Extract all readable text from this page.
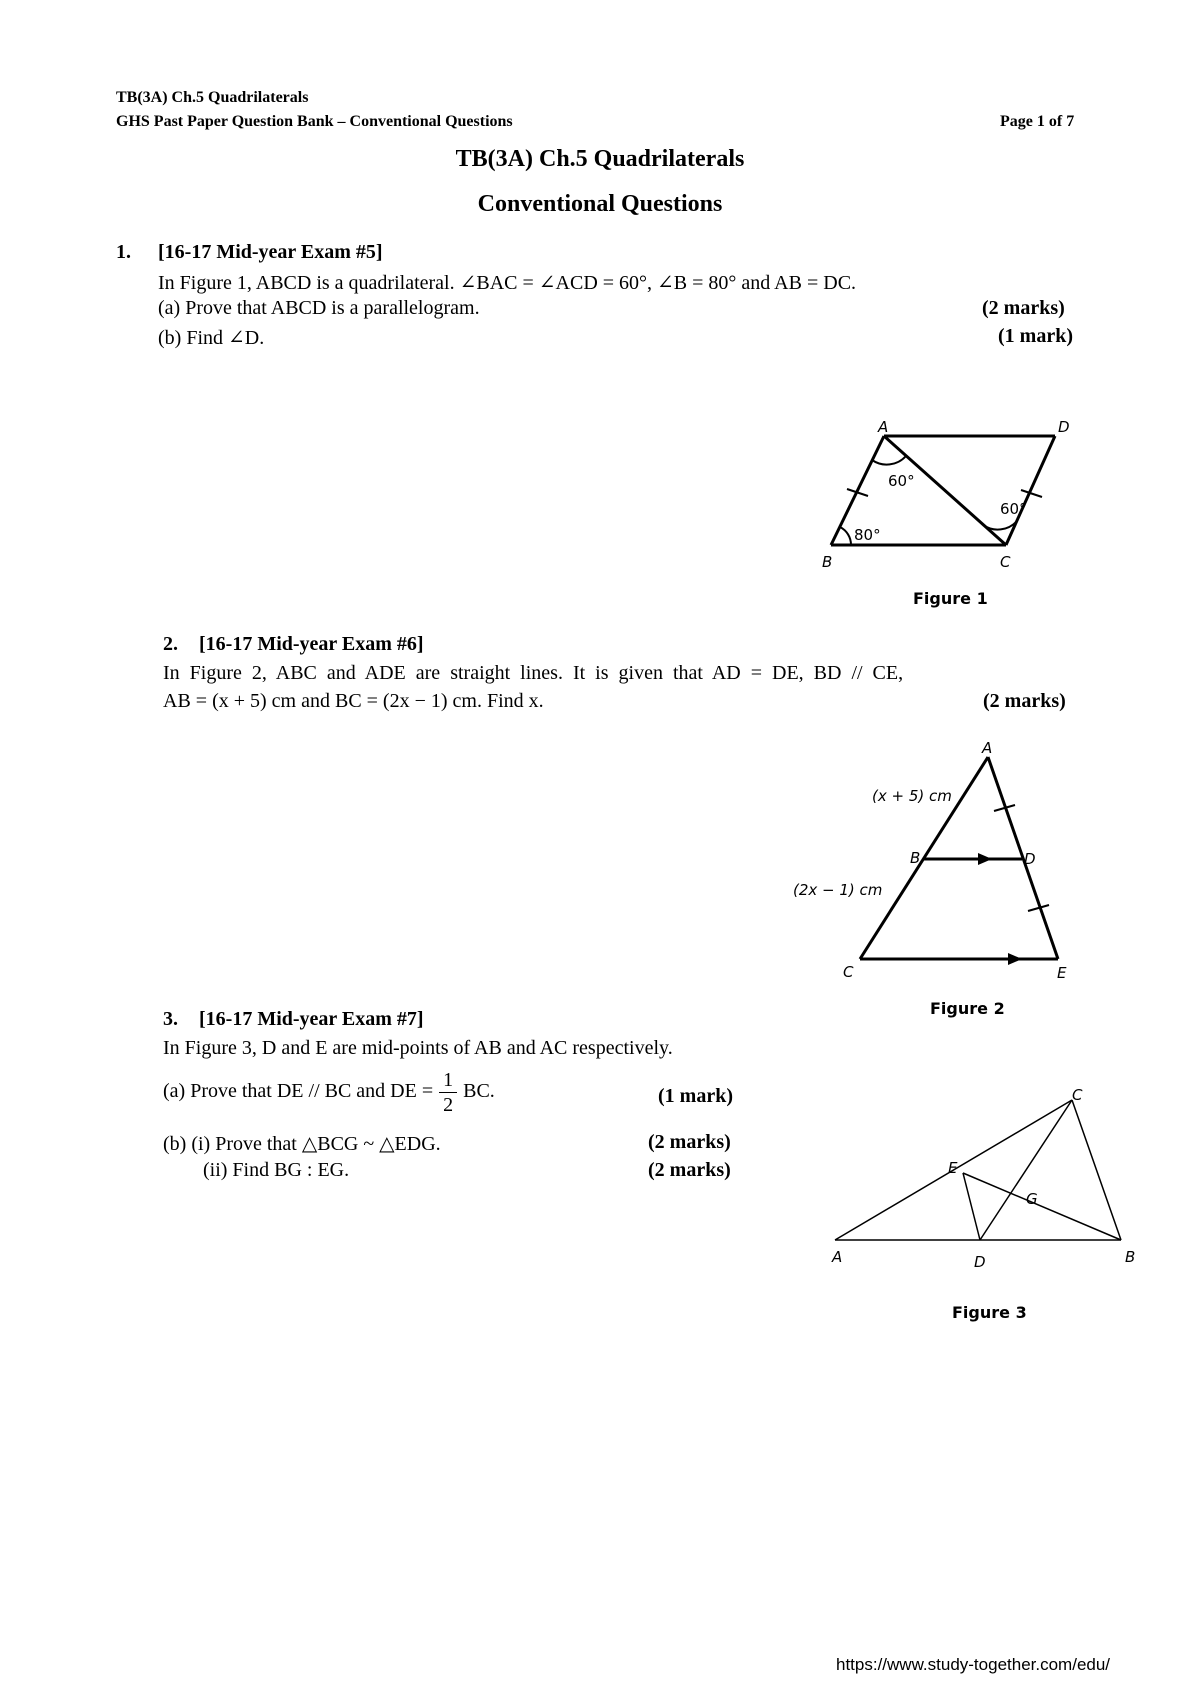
TB(3A) Ch.5 Quadrilaterals
GHS Past Paper Question Bank – Conventional Questions	Page 1 of 7
TB(3A) Ch.5 Quadrilaterals
Conventional Questions
1. [16-17 Mid-year Exam #5]
In Figure 1, ABCD is a quadrilateral. ∠BAC = ∠ACD = 60°, ∠B = 80° and AB = DC.
(a) Prove that ABCD is a parallelogram.	(2 marks)
(b) Find ∠D.	(1 mark)
A	D
B	C
60°
60°
80°
Figure 1
2. [16-17 Mid-year Exam #6]
In Figure 2, ABC and ADE are straight lines. It is given that AD = DE, BD // CE,
AB = (x + 5) cm and BC = (2x − 1) cm. Find x.	(2 marks)
A
B	D
C	E
(x + 5) cm
(2x − 1) cm
Figure 2
3. [16-17 Mid-year Exam #7]
In Figure 3, D and E are mid-points of AB and AC respectively.
(a) Prove that DE // BC and DE = $\frac{1}{2}$ BC.	(1 mark)
(b) (i) Prove that △BCG ~ △EDG.	(2 marks)
(ii) Find BG : EG.	(2 marks)
A	B
C
D
E
G
Figure 3
https://www.study-together.com/edu/
